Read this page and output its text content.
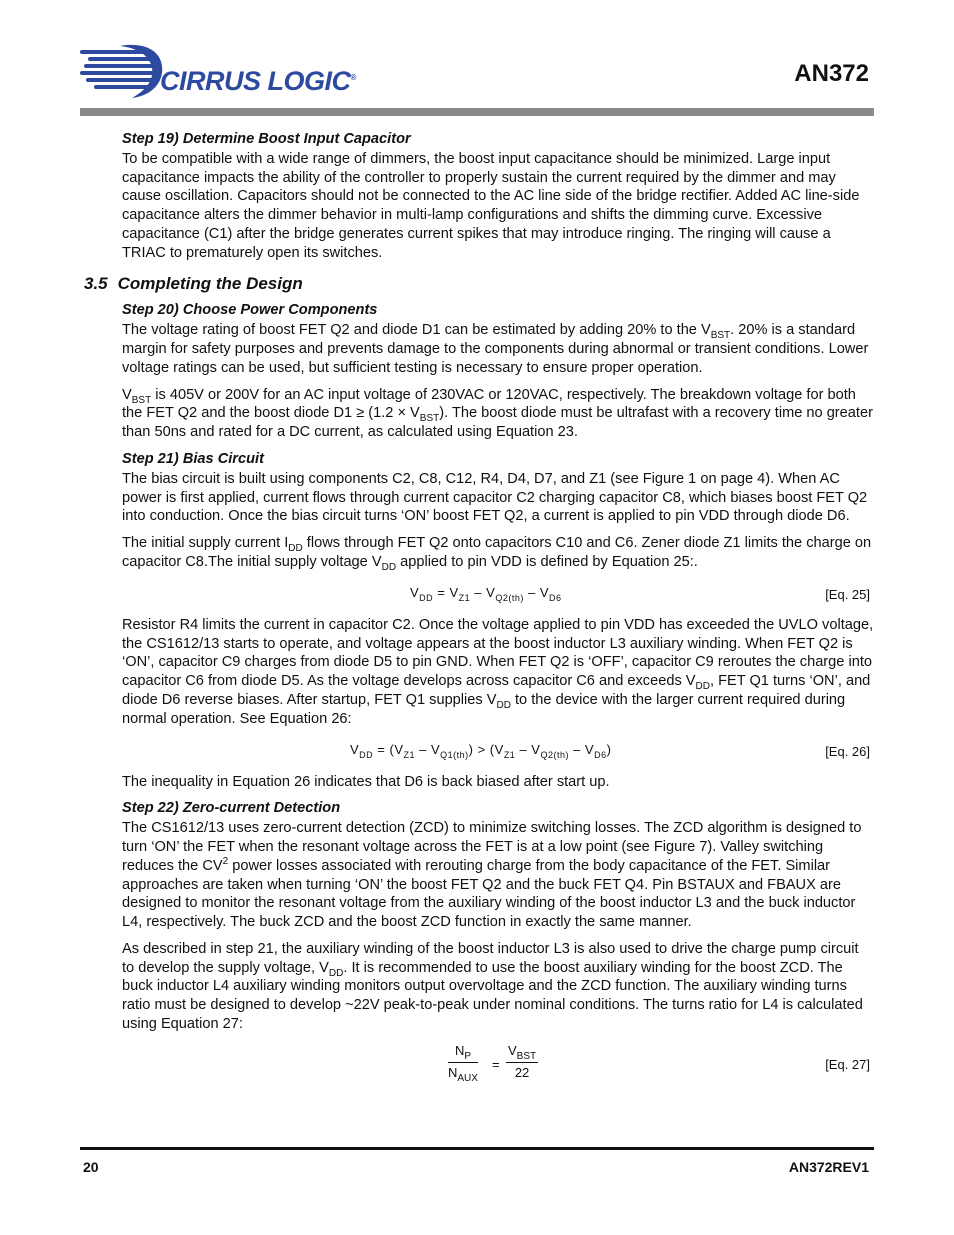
CIRRUS LOGIC®	AN372
Step 19) Determine Boost Input Capacitor

To be compatible with a wide range of dimmers, the boost input capacitance should be minimized. Large input capacitance impacts the ability of the controller to properly sustain the current required by the dimmer and may cause oscillation. Capacitors should not be connected to the AC line side of the bridge rectifier. Added AC line-side capacitance alters the dimmer behavior in multi-lamp configurations and shifts the dimming curve. Excessive capacitance (C1) after the bridge generates current spikes that may introduce ringing. The ringing will cause a TRIAC to prematurely open its switches.

3.5 Completing the Design
Step 20) Choose Power Components

The voltage rating of boost FET Q2 and diode D1 can be estimated by adding 20% to the $V_{BST}$. 20% is a standard margin for safety purposes and prevents damage to the components during abnormal or transient conditions. Lower voltage ratings can be used, but sufficient testing is necessary to ensure proper operation.

$V_{BST}$ is 405V or 200V for an AC input voltage of 230VAC or 120VAC, respectively. The breakdown voltage for both the FET Q2 and the boost diode $D1 \ge (1.2 \times V_{BST})$. The boost diode must be ultrafast with a recovery time no greater than 50ns and rated for a DC current, as calculated using Equation 23.

Step 21) Bias Circuit

The bias circuit is built using components C2, C8, C12, R4, D4, D7, and Z1 (see Figure 1 on page 4). When AC power is first applied, current flows through current capacitor C2 charging capacitor C8, which biases boost FET Q2 into conduction. Once the bias circuit turns ‘ON’ boost FET Q2, a current is applied to pin VDD through diode D6.

The initial supply current $I_{DD}$ flows through FET Q2 onto capacitors C10 and C6. Zener diode Z1 limits the charge on capacitor C8.The initial supply voltage $V_{DD}$ applied to pin VDD is defined by Equation 25:.

$V_{DD} = V_{Z1} - V_{Q2(th)} - V_{D6}$	[Eq. 25]

Resistor R4 limits the current in capacitor C2. Once the voltage applied to pin VDD has exceeded the UVLO voltage, the CS1612/13 starts to operate, and voltage appears at the boost inductor L3 auxiliary winding. When FET Q2 is ‘ON’, capacitor C9 charges from diode D5 to pin GND. When FET Q2 is ‘OFF’, capacitor C9 reroutes the charge into capacitor C6 from diode D5. As the voltage develops across capacitor C6 and exceeds $V_{DD}$, FET Q1 turns ‘ON’, and diode D6 reverse biases. After startup, FET Q1 supplies $V_{DD}$ to the device with the larger current required during normal operation. See Equation 26:

$V_{DD} = (V_{Z1} - V_{Q1(th)}) > (V_{Z1} - V_{Q2(th)} - V_{D6})$	[Eq. 26]

The inequality in Equation 26 indicates that D6 is back biased after start up.

Step 22) Zero-current Detection

The CS1612/13 uses zero-current detection (ZCD) to minimize switching losses. The ZCD algorithm is designed to turn ‘ON’ the FET when the resonant voltage across the FET is at a low point (see Figure 7). Valley switching reduces the $CV^2$ power losses associated with rerouting charge from the body capacitance of the FET. Similar approaches are taken when turning ‘ON’ the boost FET Q2 and the buck FET Q4. Pin BSTAUX and FBAUX are designed to monitor the resonant voltage from the auxiliary winding of the boost inductor L3 and the buck inductor L4, respectively. The buck ZCD and the boost ZCD function in exactly the same manner.

As described in step 21, the auxiliary winding of the boost inductor L3 is also used to drive the charge pump circuit to develop the supply voltage, $V_{DD}$. It is recommended to use the boost auxiliary winding for the boost ZCD. The buck inductor L4 auxiliary winding monitors output overvoltage and the ZCD function. The auxiliary winding turns ratio must be designed to develop ~22V peak-to-peak under nominal conditions. The turns ratio for L4 is calculated using Equation 27:

$N_P$
$N_{AUX}$
=
$V_{BST}$
22
[Eq. 27]
20	AN372REV1
